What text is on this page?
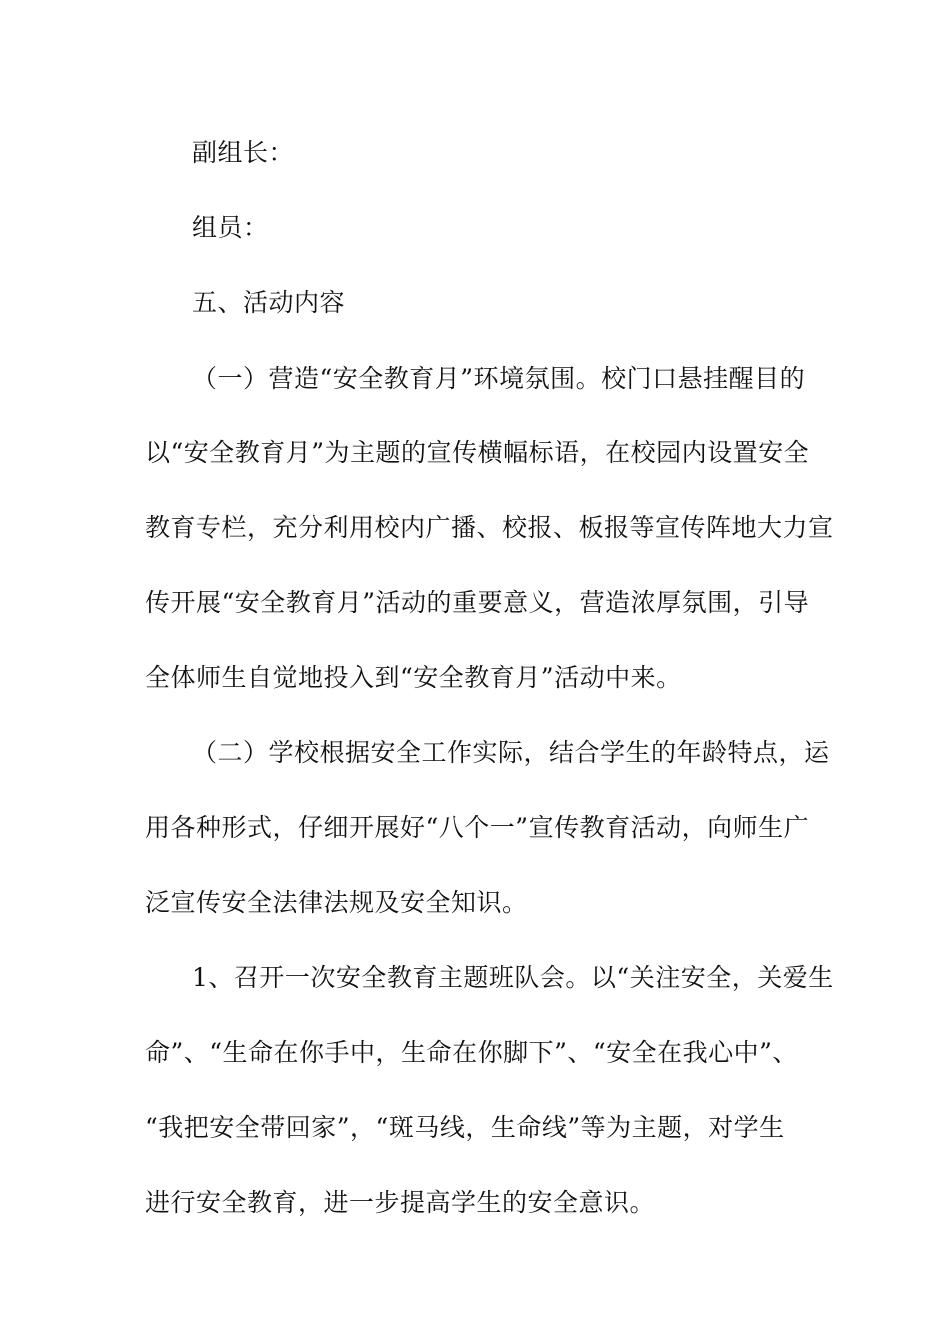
副组长：
组员：
五、活动内容
（一）营造“安全教育月”环境氛围。校门口悬挂醒目的
以“安全教育月”为主题的宣传横幅标语，在校园内设置安全
教育专栏，充分利用校内广播、校报、板报等宣传阵地大力宣
传开展“安全教育月”活动的重要意义，营造浓厚氛围，引导
全体师生自觉地投入到“安全教育月”活动中来。
（二）学校根据安全工作实际，结合学生的年龄特点，运
用各种形式，仔细开展好“八个一”宣传教育活动，向师生广
泛宣传安全法律法规及安全知识。
1、召开一次安全教育主题班队会。以“关注安全，关爱生
命”、“生命在你手中，生命在你脚下”、“安全在我心中”、
“我把安全带回家”，“斑马线，生命线”等为主题，对学生
进行安全教育，进一步提高学生的安全意识。
